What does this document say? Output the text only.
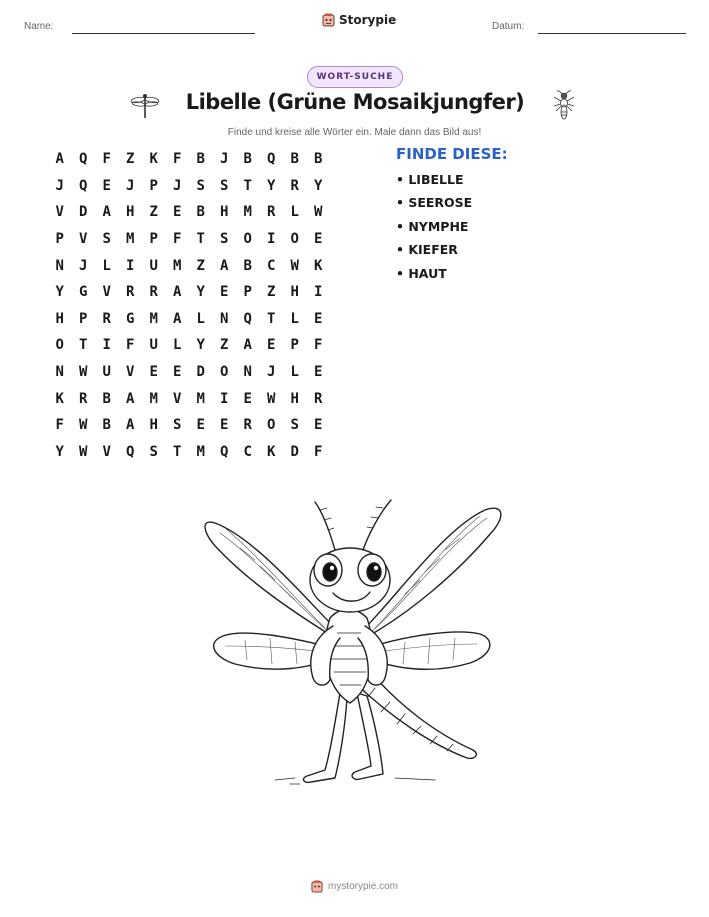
Name:	Storypie	Datum:
WORT-SUCHE
Libelle (Grüne Mosaikjungfer)
Finde und kreise alle Wörter ein. Male dann das Bild aus!
A	Q	F	Z	K	F	B	J	B	Q	B	B
J	Q	E	J	P	J	S	S	T	Y	R	Y
V	D	A	H	Z	E	B	H	M	R	L	W
P	V	S	M	P	F	T	S	O	I	O	E
N	J	L	I	U	M	Z	A	B	C	W	K
Y	G	V	R	R	A	Y	E	P	Z	H	I
H	P	R	G	M	A	L	N	Q	T	L	E
O	T	I	F	U	L	Y	Z	A	E	P	F
N	W	U	V	E	E	D	O	N	J	L	E
K	R	B	A	M	V	M	I	E	W	H	R
F	W	B	A	H	S	E	E	R	O	S	E
Y	W	V	Q	S	T	M	Q	C	K	D	F
FINDE DIESE:
• LIBELLE
• SEEROSE
• NYMPHE
• KIEFER
• HAUT
mystorypie.com
